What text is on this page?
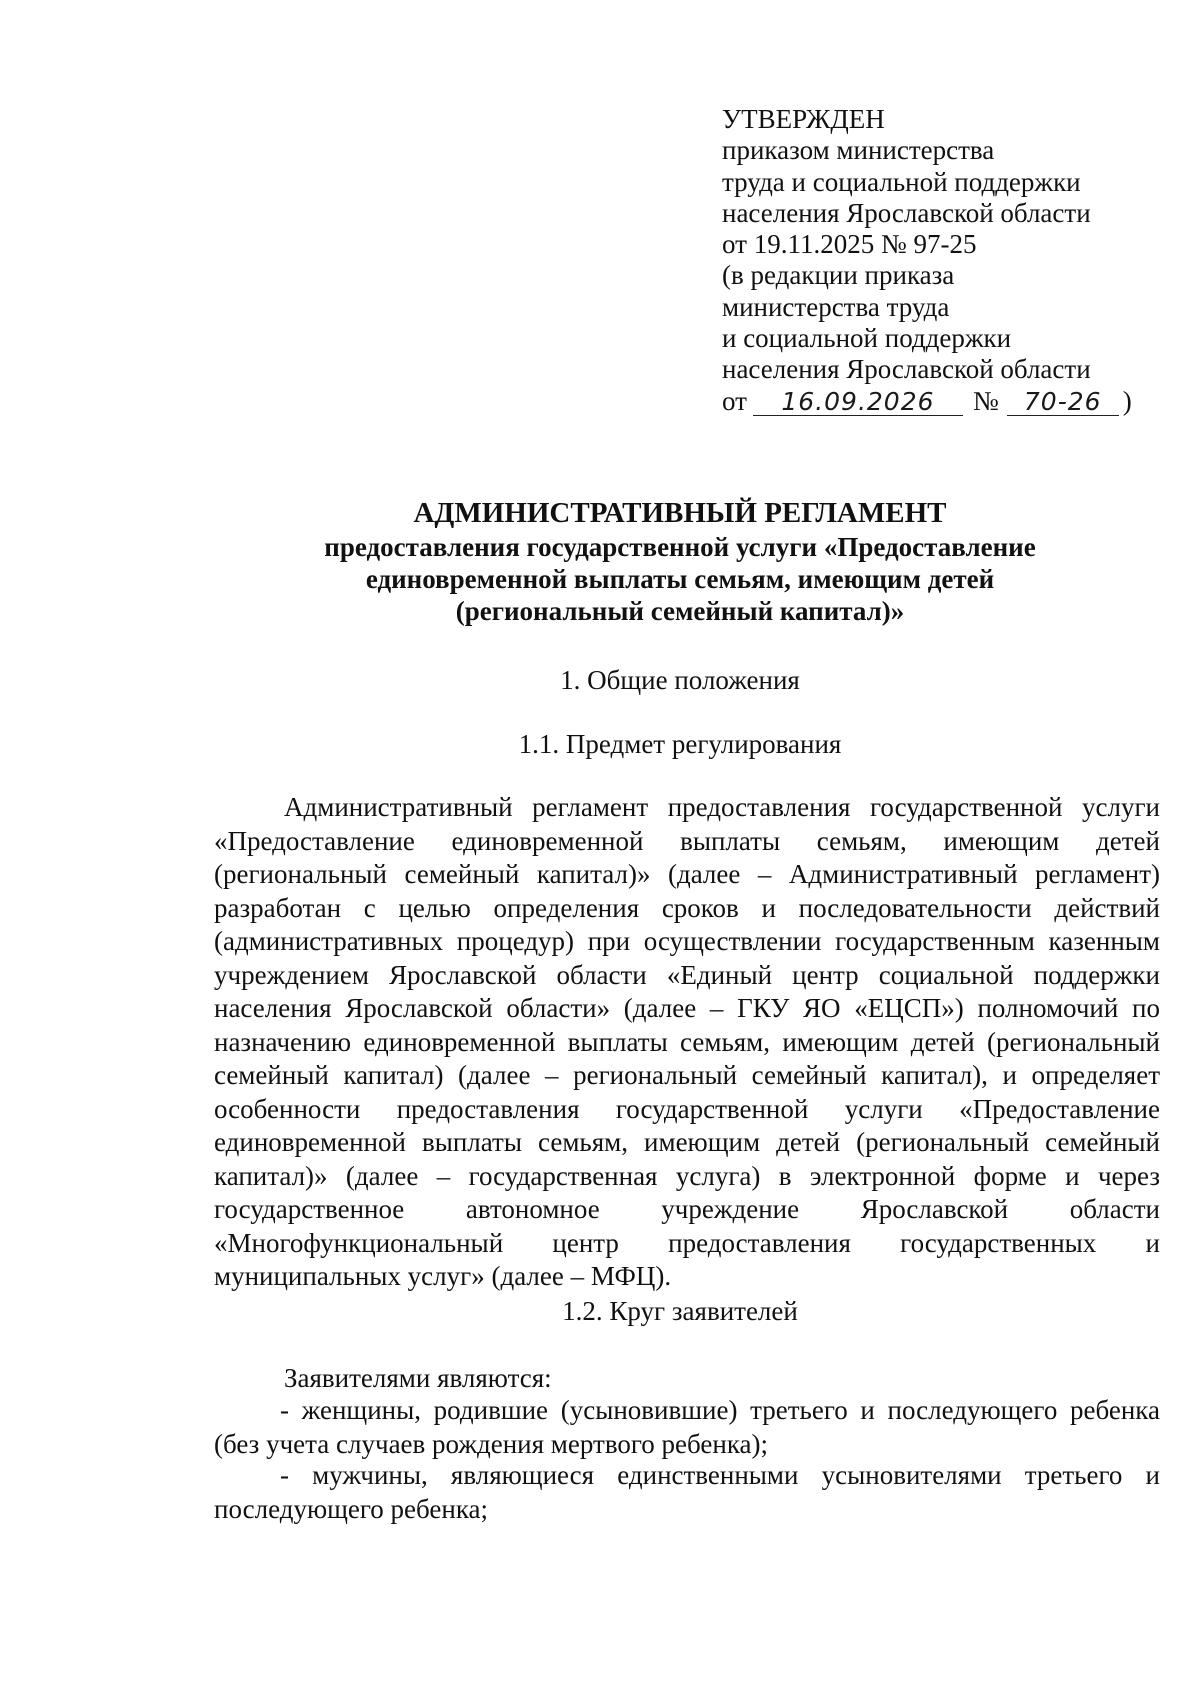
УТВЕРЖДЕН
приказом министерства
труда и социальной поддержки
населения Ярославской области
от 19.11.2025 № 97-25
(в редакции приказа
министерства труда
и социальной поддержки
населения Ярославской области
от 16.09.2026 № 70-26 )
АДМИНИСТРАТИВНЫЙ РЕГЛАМЕНТ
предоставления государственной услуги «Предоставление
единовременной выплаты семьям, имеющим детей
(региональный семейный капитал)»
1. Общие положения
1.1. Предмет регулирования

Административный регламент предоставления государственной услуги «Предоставление единовременной выплаты семьям, имеющим детей (региональный семейный капитал)» (далее – Административный регламент) разработан с целью определения сроков и последовательности действий (административных процедур) при осуществлении государственным казенным учреждением Ярославской области «Единый центр социальной поддержки населения Ярославской области» (далее – ГКУ ЯО «ЕЦСП») полномочий по назначению единовременной выплаты семьям, имеющим детей (региональный семейный капитал) (далее – региональный семейный капитал), и определяет особенности предоставления государственной услуги «Предоставление единовременной выплаты семьям, имеющим детей (региональный семейный капитал)» (далее – государственная услуга) в электронной форме и через государственное автономное учреждение Ярославской области «Многофункциональный центр предоставления государственных и муниципальных услуг» (далее – МФЦ).

1.2. Круг заявителей

Заявителями являются:

- женщины, родившие (усыновившие) третьего и последующего ребенка (без учета случаев рождения мертвого ребенка);

- мужчины, являющиеся единственными усыновителями третьего и последующего ребенка;
